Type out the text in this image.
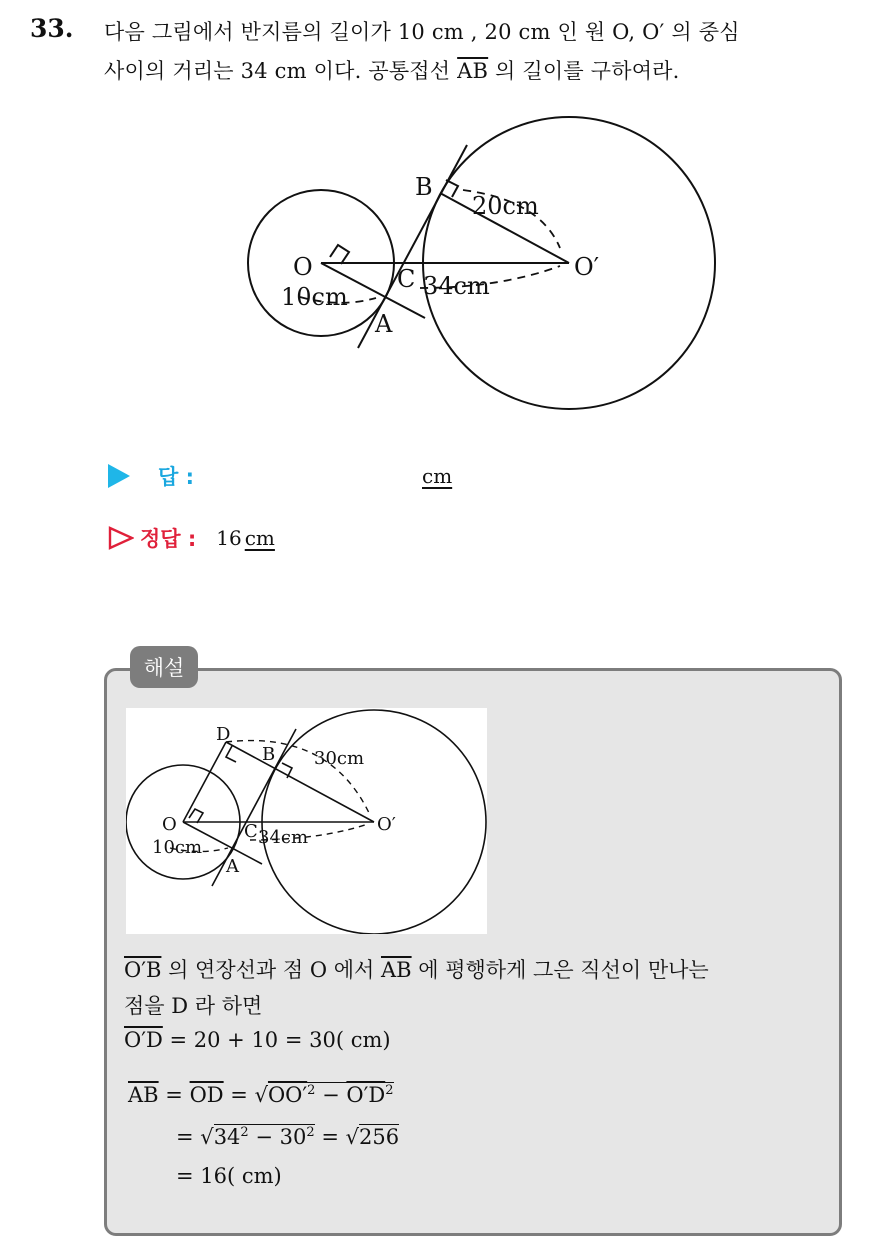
33. 다음 그림에서 반지름의 길이가 10 cm , 20 cm 인 원 O, O′ 의 중심
사이의 거리는 34 cm 이다. 공통접선 $\overline{AB}$ 의 길이를 구하여라.
B
O	O′
C
A
20cm
34cm
10cm
답 :	cm
정답 : 16 cm
해설
D
B 30cm
O	O′
C 34cm
10cm
A
O′B 의 연장선과 점 O 에서 $\overline{AB}$ 에 평행하게 그은 직선이 만나는
점을 D 라 하면
O′D = 20 + 10 = 30( cm)
$\overline{AB} = \overline{OD} = √OO'^2 - O'D^2$
= $√34^2 - 30^2 = √256$
= 16( cm)
